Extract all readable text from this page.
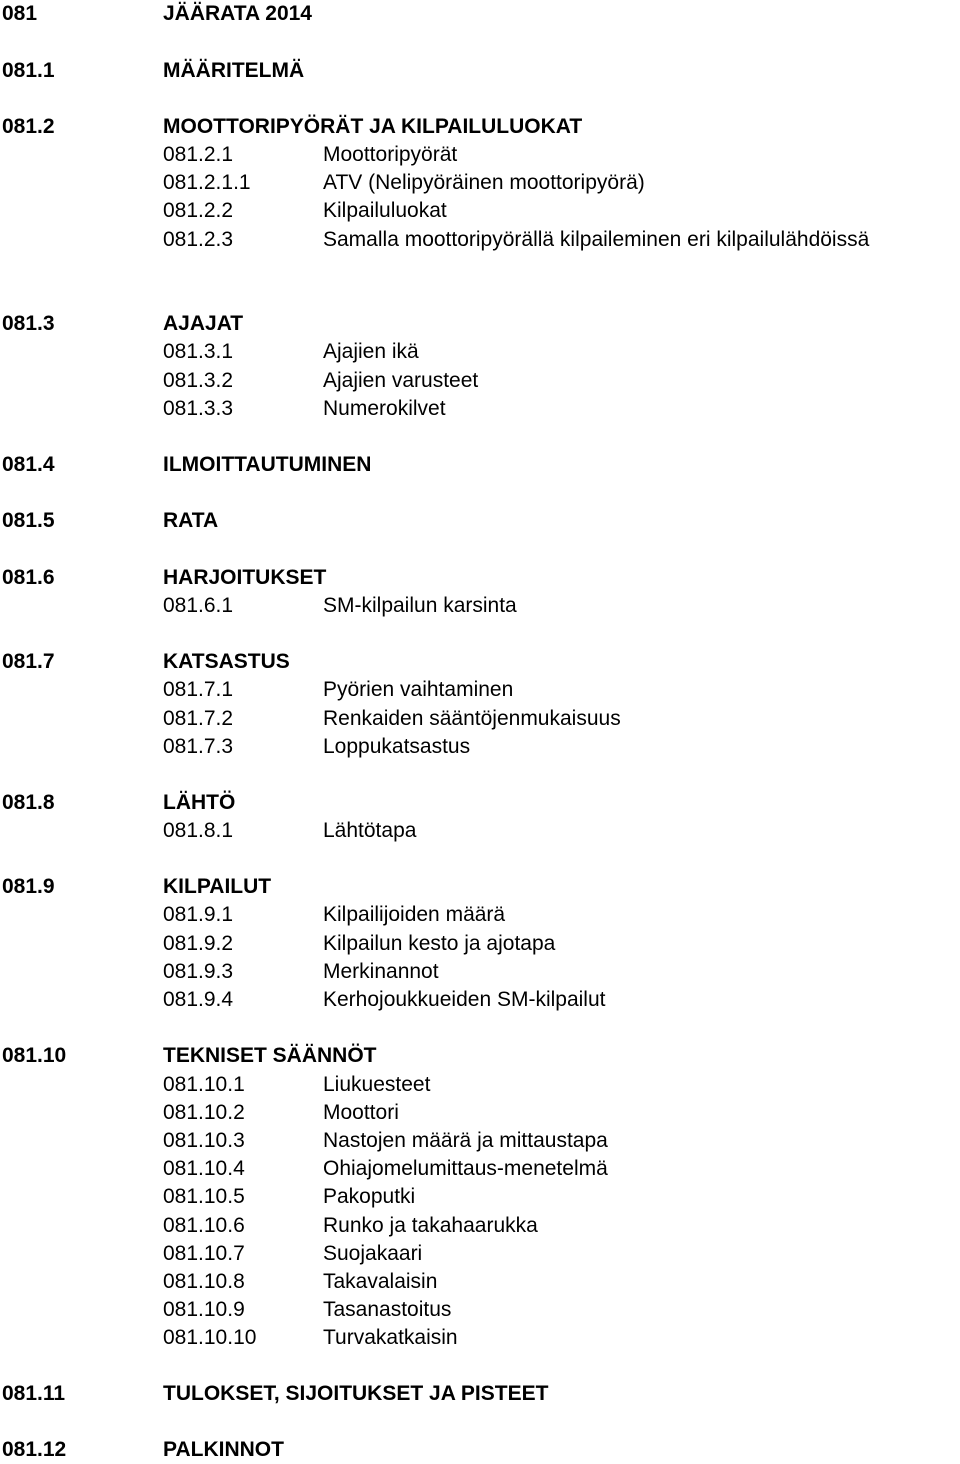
081	JÄÄRATA 2014
081.1	MÄÄRITELMÄ
081.2	MOOTTORIPYÖRÄT JA KILPAILULUOKAT
081.2.1	Moottoripyörät
081.2.1.1	ATV (Nelipyöräinen moottoripyörä)
081.2.2	Kilpailuluokat
081.2.3	Samalla moottoripyörällä kilpaileminen eri kilpailulähdöissä
081.3	AJAJAT
081.3.1	Ajajien ikä
081.3.2	Ajajien varusteet
081.3.3	Numerokilvet
081.4	ILMOITTAUTUMINEN
081.5	RATA
081.6	HARJOITUKSET
081.6.1	SM-kilpailun karsinta
081.7	KATSASTUS
081.7.1	Pyörien vaihtaminen
081.7.2	Renkaiden sääntöjenmukaisuus
081.7.3	Loppukatsastus
081.8	LÄHTÖ
081.8.1	Lähtötapa
081.9	KILPAILUT
081.9.1	Kilpailijoiden määrä
081.9.2	Kilpailun kesto ja ajotapa
081.9.3	Merkinannot
081.9.4	Kerhojoukkueiden SM-kilpailut
081.10	TEKNISET SÄÄNNÖT
081.10.1	Liukuesteet
081.10.2	Moottori
081.10.3	Nastojen määrä ja mittaustapa
081.10.4	Ohiajomelumittaus-menetelmä
081.10.5	Pakoputki
081.10.6	Runko ja takahaarukka
081.10.7	Suojakaari
081.10.8	Takavalaisin
081.10.9	Tasanastoitus
081.10.10	Turvakatkaisin
081.11	TULOKSET, SIJOITUKSET JA PISTEET
081.12	PALKINNOT
